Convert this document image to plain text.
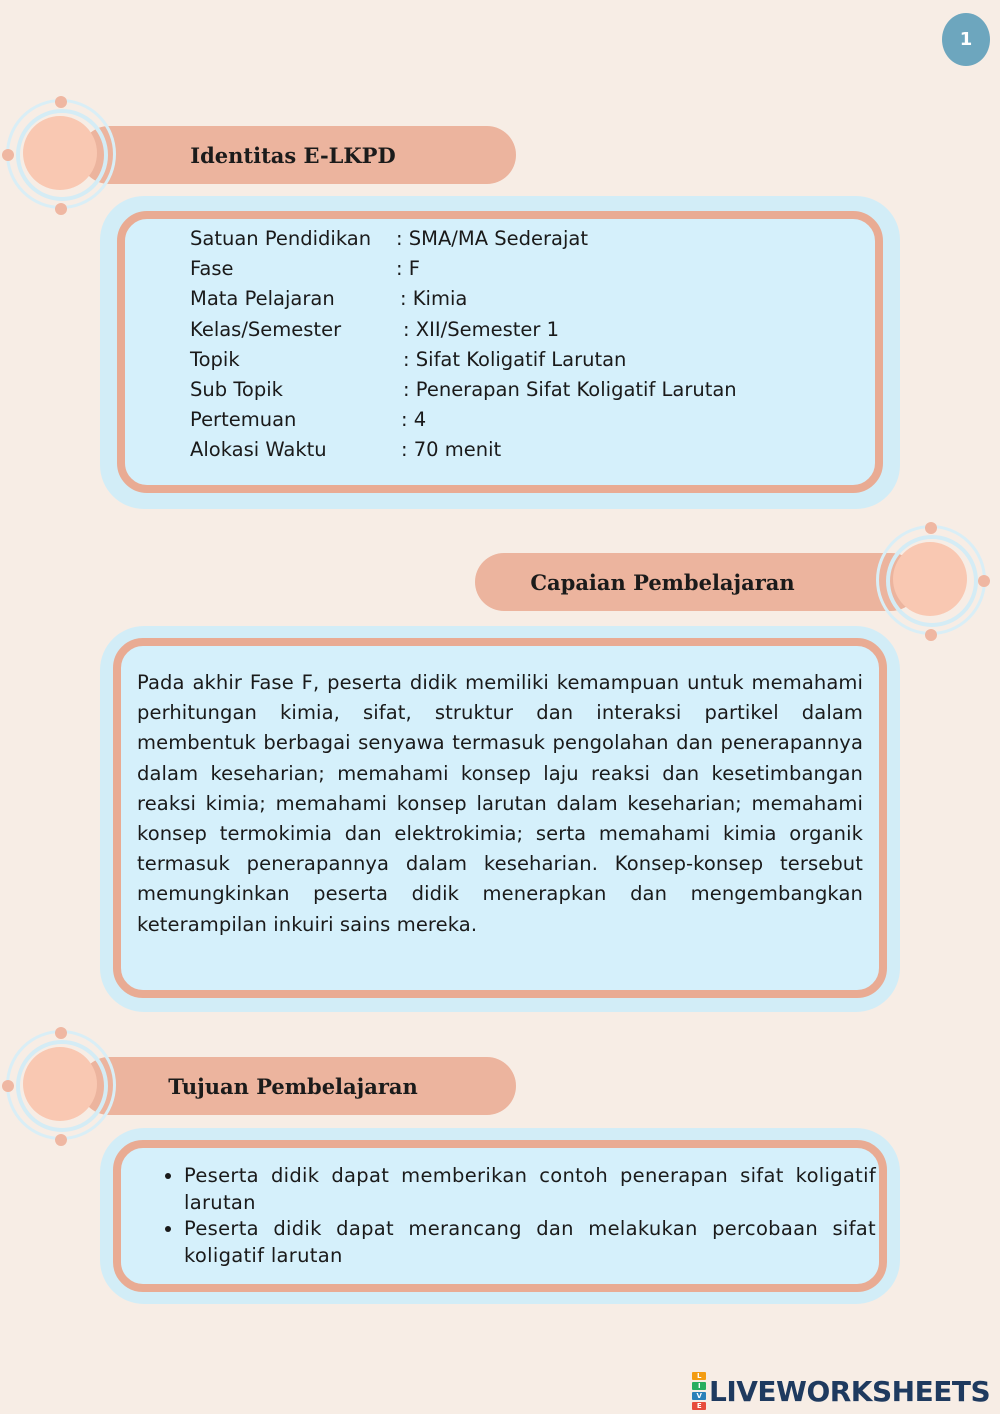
1
Identitas E-LKPD
Satuan Pendidikan	: SMA/MA Sederajat
Fase	: F
Mata Pelajaran	: Kimia
Kelas/Semester	: XII/Semester 1
Topik	: Sifat Koligatif Larutan
Sub Topik	: Penerapan Sifat Koligatif Larutan
Pertemuan	: 4
Alokasi Waktu	: 70 menit
Capaian Pembelajaran

Pada akhir Fase F, peserta didik memiliki kemampuan untuk memahami perhitungan kimia, sifat, struktur dan interaksi partikel dalam membentuk berbagai senyawa termasuk pengolahan dan penerapannya dalam keseharian; memahami konsep laju reaksi dan kesetimbangan reaksi kimia; memahami konsep larutan dalam keseharian; memahami konsep termokimia dan elektrokimia; serta memahami kimia organik termasuk penerapannya dalam keseharian. Konsep-konsep tersebut memungkinkan peserta didik menerapkan dan mengembangkan keterampilan inkuiri sains mereka.

Tujuan Pembelajaran
• Peserta didik dapat memberikan contoh penerapan sifat koligatif larutan
• Peserta didik dapat merancang dan melakukan percobaan sifat koligatif larutan
L
I
V
E LIVEWORKSHEETS
